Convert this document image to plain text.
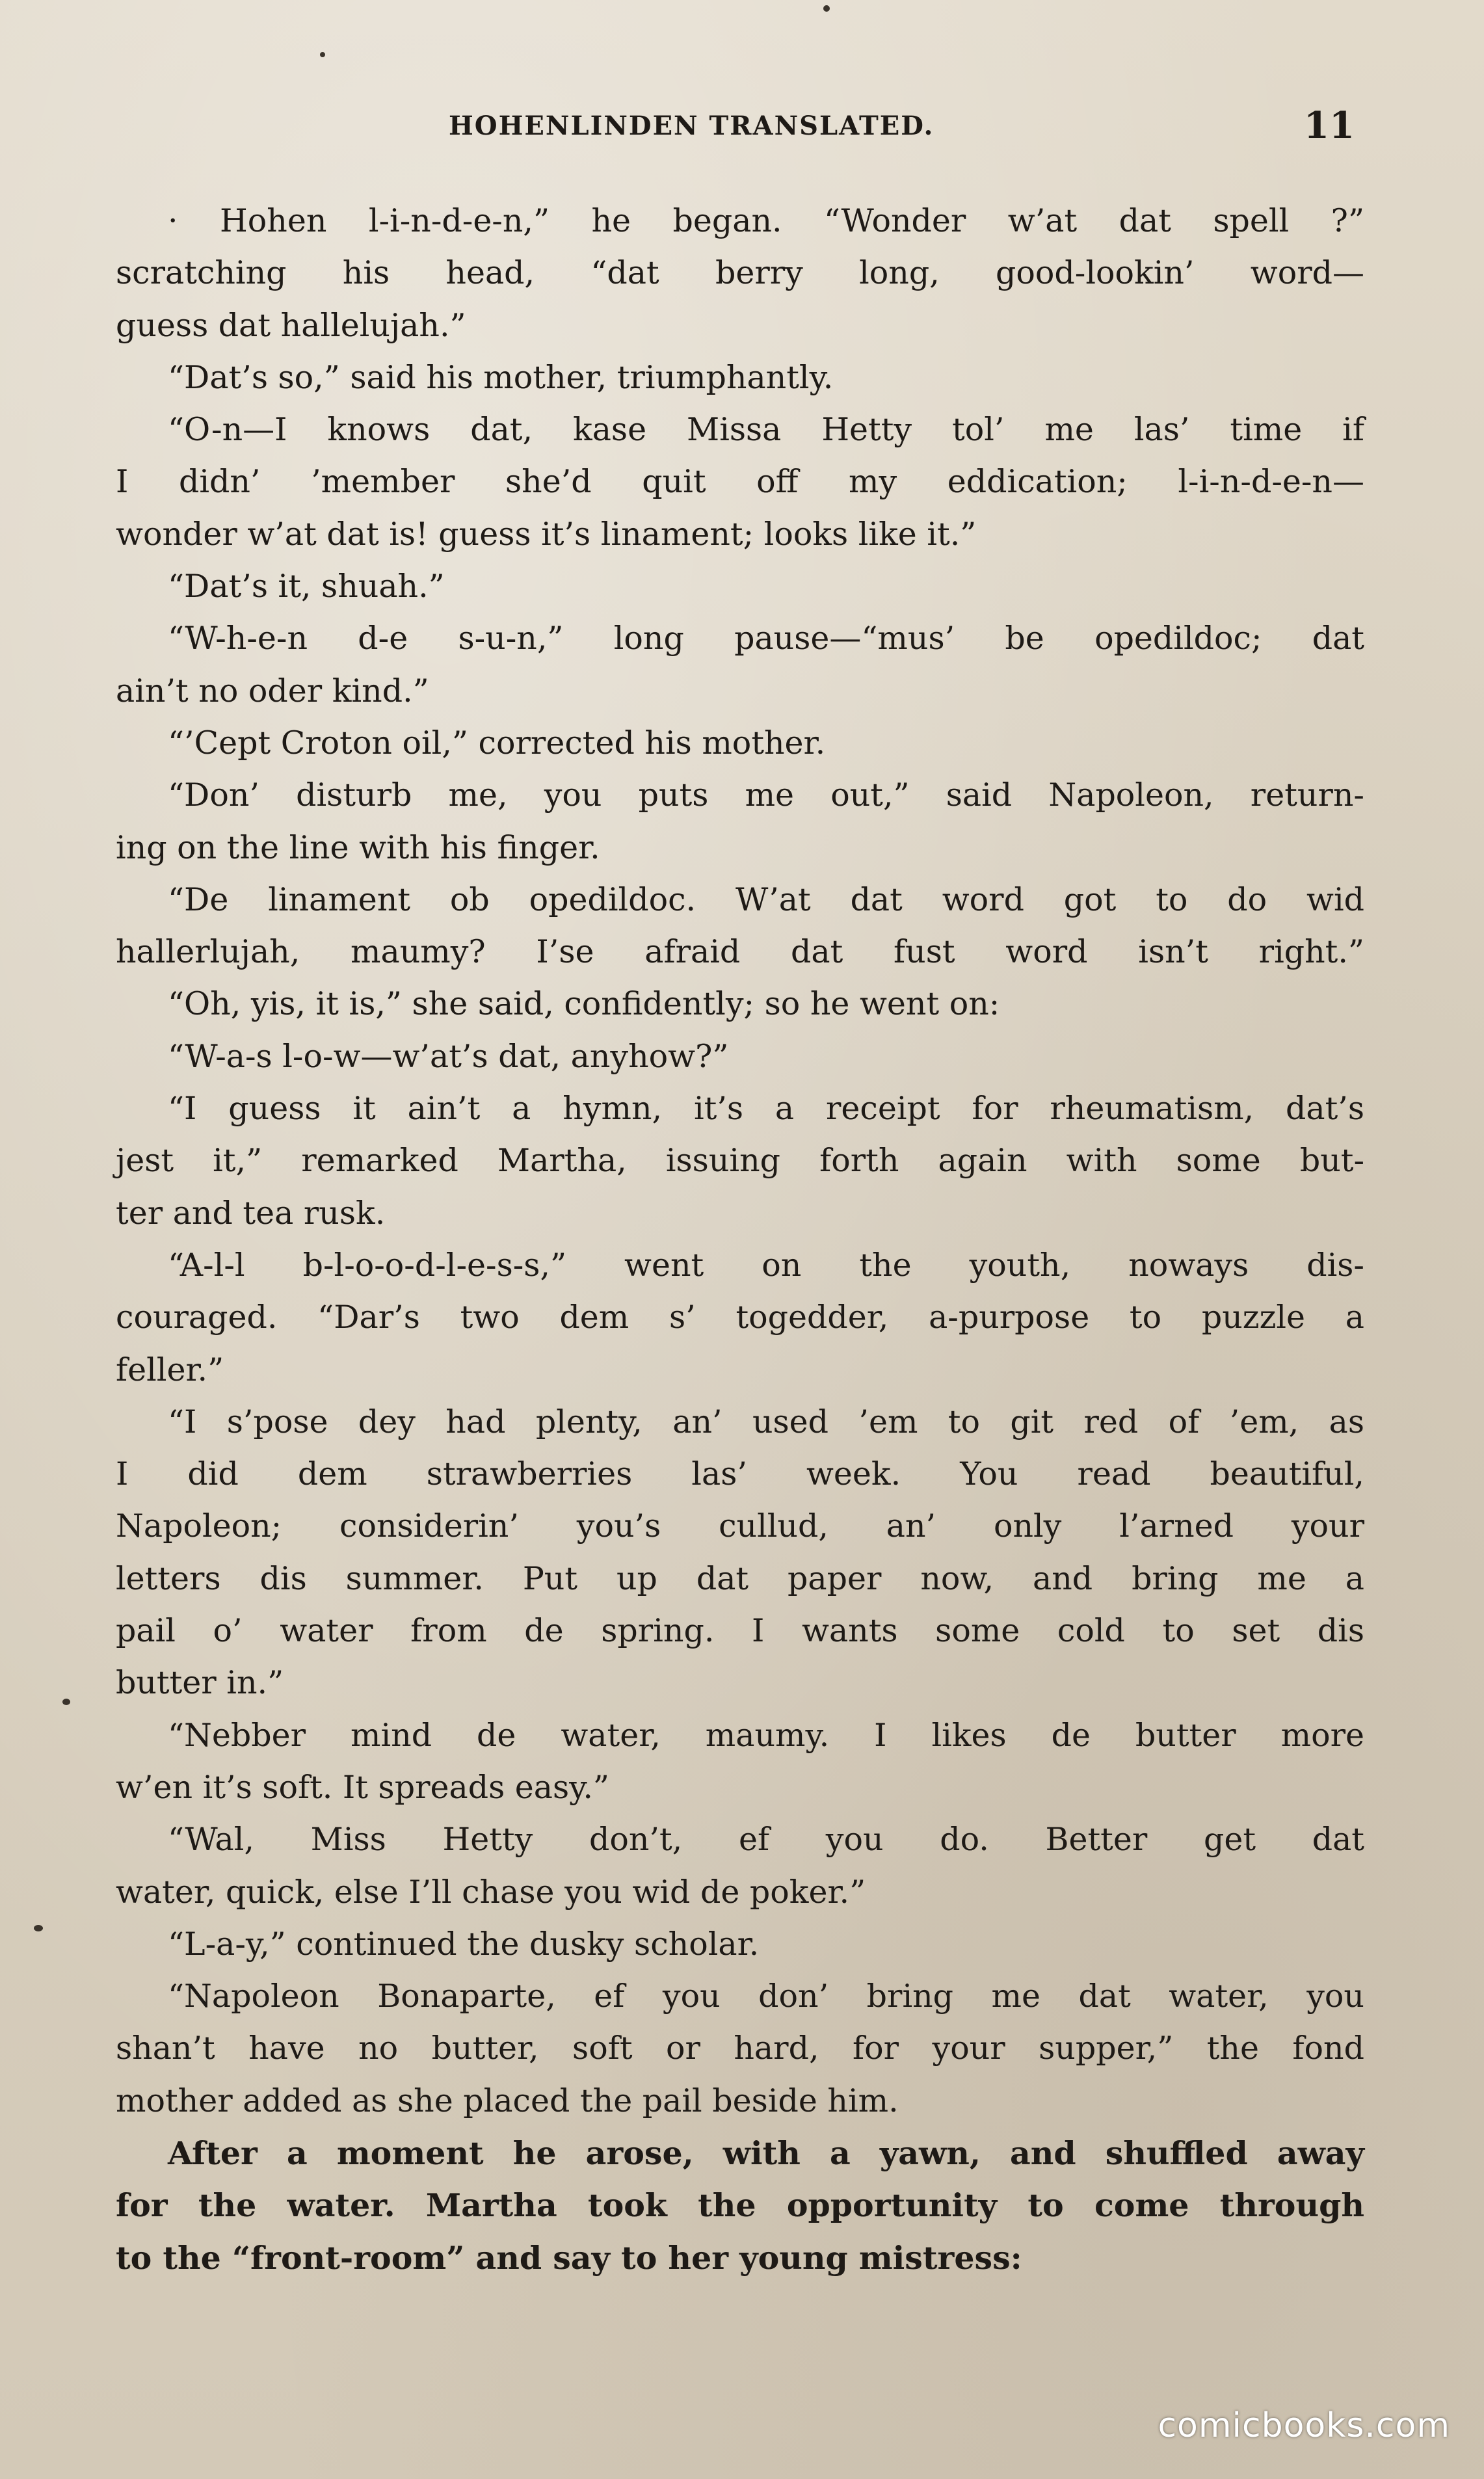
HOHENLINDEN TRANSLATED.	11
· Hohen l-i-n-d-e-n,” he began. “Wonder w’at dat spell ?”
scratching his head, “dat berry long, good-lookin’ word—
guess dat hallelujah.”
“Dat’s so,” said his mother, triumphantly.
“O-n—I knows dat, kase Missa Hetty tol’ me las’ time if
I didn’ ’member she’d quit off my eddication; l-i-n-d-e-n—
wonder w’at dat is! guess it’s linament; looks like it.”
“Dat’s it, shuah.”
“W-h-e-n d-e s-u-n,” long pause—“mus’ be opedildoc; dat
ain’t no oder kind.”
“’Cept Croton oil,” corrected his mother.
“Don’ disturb me, you puts me out,” said Napoleon, return-
ing on the line with his finger.
“De linament ob opedildoc. W’at dat word got to do wid
hallerlujah, maumy? I’se afraid dat fust word isn’t right.”
“Oh, yis, it is,” she said, confidently; so he went on:
“W-a-s l-o-w—w’at’s dat, anyhow?”
“I guess it ain’t a hymn, it’s a receipt for rheumatism, dat’s
jest it,” remarked Martha, issuing forth again with some but-
ter and tea rusk.
“A-l-l b-l-o-o-d-l-e-s-s,” went on the youth, noways dis-
couraged. “Dar’s two dem s’ togedder, a-purpose to puzzle a
feller.”
“I s’pose dey had plenty, an’ used ’em to git red of ’em, as
I did dem strawberries las’ week. You read beautiful,
Napoleon; considerin’ you’s cullud, an’ only l’arned your
letters dis summer. Put up dat paper now, and bring me a
pail o’ water from de spring. I wants some cold to set dis
butter in.”
“Nebber mind de water, maumy. I likes de butter more
w’en it’s soft. It spreads easy.”
“Wal, Miss Hetty don’t, ef you do. Better get dat
water, quick, else I’ll chase you wid de poker.”
“L-a-y,” continued the dusky scholar.
“Napoleon Bonaparte, ef you don’ bring me dat water, you
shan’t have no butter, soft or hard, for your supper,” the fond
mother added as she placed the pail beside him.
After a moment he arose, with a yawn, and shuffled away
for the water. Martha took the opportunity to come through
to the “front-room” and say to her young mistress:
comicbooks.com
